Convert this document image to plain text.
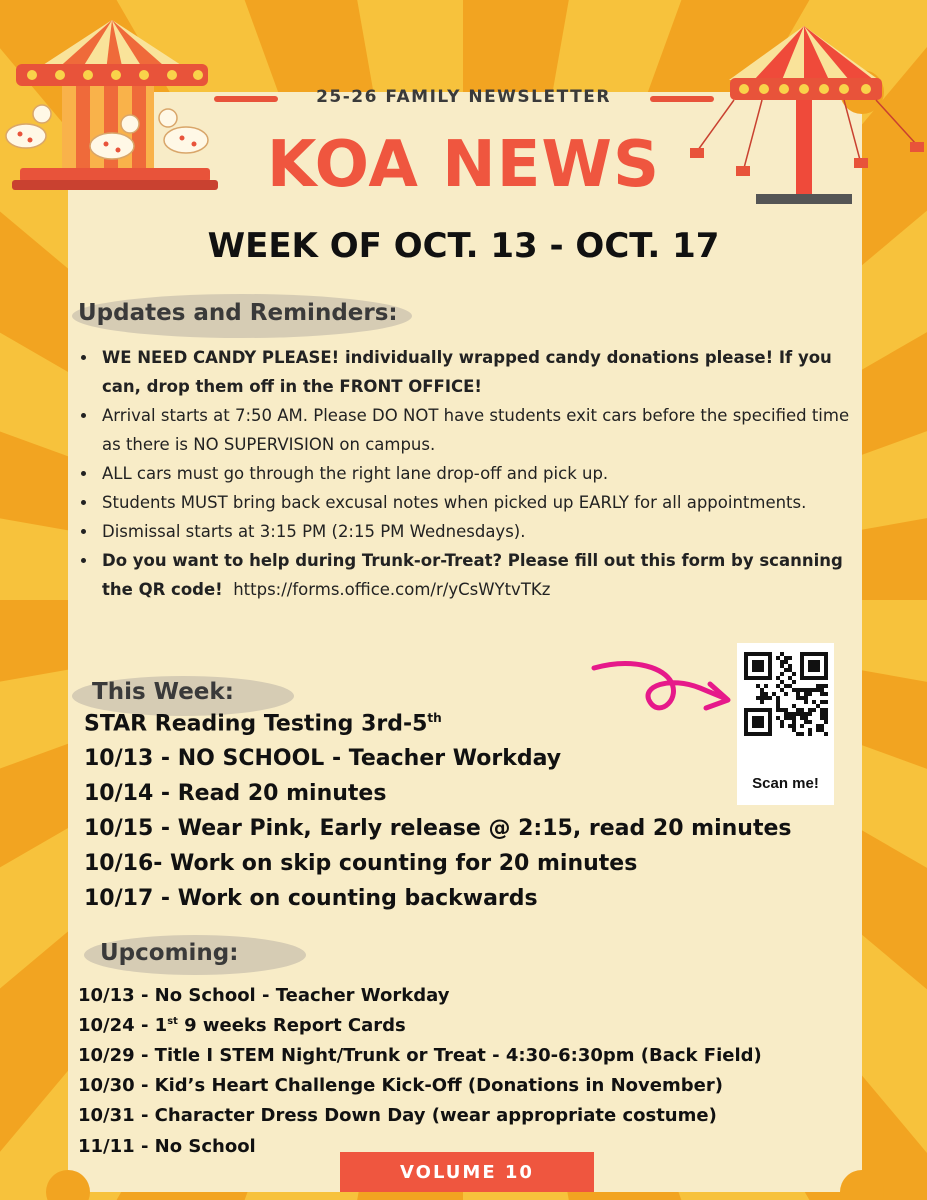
25-26 FAMILY NEWSLETTER
KOA NEWS
WEEK OF OCT. 13 - OCT. 17
Updates and Reminders:
• WE NEED CANDY PLEASE! individually wrapped candy donations please! If you can, drop them off in the FRONT OFFICE!
• Arrival starts at 7:50 AM. Please DO NOT have students exit cars before the specified time as there is NO SUPERVISION on campus.
• ALL cars must go through the right lane drop-off and pick up.
• Students MUST bring back excusal notes when picked up EARLY for all appointments.
• Dismissal starts at 3:15 PM (2:15 PM Wednesdays).
• Do you want to help during Trunk-or-Treat? Please fill out this form by scanning the QR code! https://forms.office.com/r/yCsWYtvTKz
This Week:
STAR Reading Testing 3rd-5th
10/13 - NO SCHOOL - Teacher Workday
10/14 - Read 20 minutes
10/15 - Wear Pink, Early release @ 2:15, read 20 minutes
10/16- Work on skip counting for 20 minutes
10/17 - Work on counting backwards
Scan me!
Upcoming:
10/13 - No School - Teacher Workday
10/24 - 1st 9 weeks Report Cards
10/29 - Title I STEM Night/Trunk or Treat - 4:30-6:30pm (Back Field)
10/30 - Kid’s Heart Challenge Kick-Off (Donations in November)
10/31 - Character Dress Down Day (wear appropriate costume)
11/11 - No School
VOLUME 10
